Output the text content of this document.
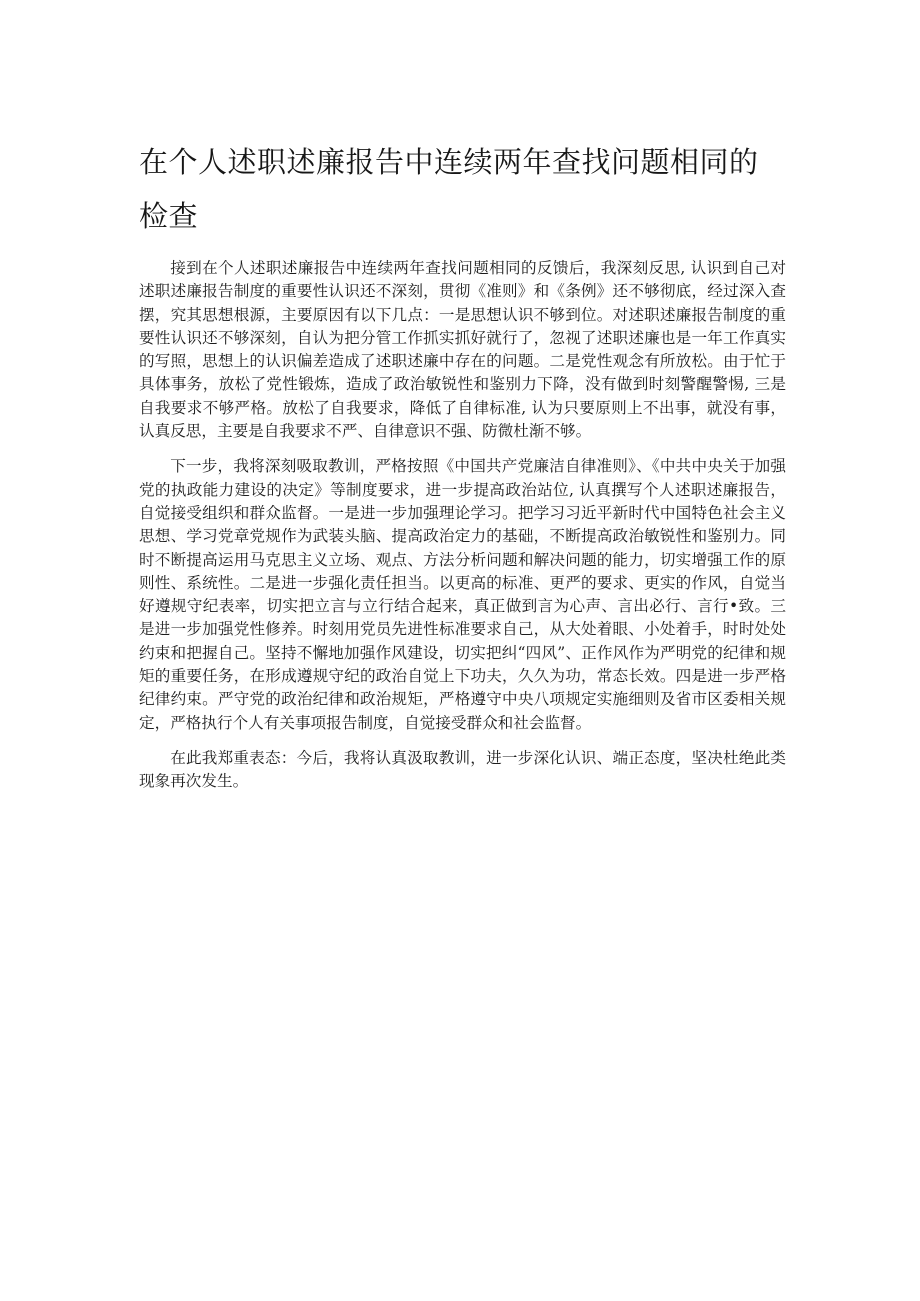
在个人述职述廉报告中连续两年查找问题相同的检查

接到在个人述职述廉报告中连续两年查找问题相同的反馈后，我深刻反思, 认识到自己对述职述廉报告制度的重要性认识还不深刻，贯彻《准则》和《条例》还不够彻底，经过深入查摆，究其思想根源，主要原因有以下几点：一是思想认识不够到位。对述职述廉报告制度的重要性认识还不够深刻，自认为把分管工作抓实抓好就行了，忽视了述职述廉也是一年工作真实的写照，思想上的认识偏差造成了述职述廉中存在的问题。二是党性观念有所放松。由于忙于具体事务，放松了党性锻炼，造成了政治敏锐性和鉴别力下降，没有做到时刻警醒警惕, 三是自我要求不够严格。放松了自我要求，降低了自律标准, 认为只要原则上不出事，就没有事，认真反思，主要是自我要求不严、自律意识不强、防微杜渐不够。

下一步，我将深刻吸取教训，严格按照《中国共产党廉洁自律准则》、《中共中央关于加强党的执政能力建设的决定》等制度要求，进一步提高政治站位, 认真撰写个人述职述廉报告，自觉接受组织和群众监督。一是进一步加强理论学习。把学习习近平新时代中国特色社会主义思想、学习党章党规作为武装头脑、提高政治定力的基础，不断提高政治敏锐性和鉴别力。同时不断提高运用马克思主义立场、观点、方法分析问题和解决问题的能力，切实增强工作的原则性、系统性。二是进一步强化责任担当。以更高的标准、更严的要求、更实的作风，自觉当好遵规守纪表率，切实把立言与立行结合起来，真正做到言为心声、言出必行、言行•致。三是进一步加强党性修养。时刻用党员先进性标准要求自己，从大处着眼、小处着手，时时处处约束和把握自己。坚持不懈地加强作风建设，切实把纠“四风”、正作风作为严明党的纪律和规矩的重要任务，在形成遵规守纪的政治自觉上下功夫，久久为功，常态长效。四是进一步严格纪律约束。严守党的政治纪律和政治规矩，严格遵守中央八项规定实施细则及省市区委相关规定，严格执行个人有关事项报告制度，自觉接受群众和社会监督。

在此我郑重表态：今后，我将认真汲取教训，进一步深化认识、端正态度，坚决杜绝此类现象再次发生。
